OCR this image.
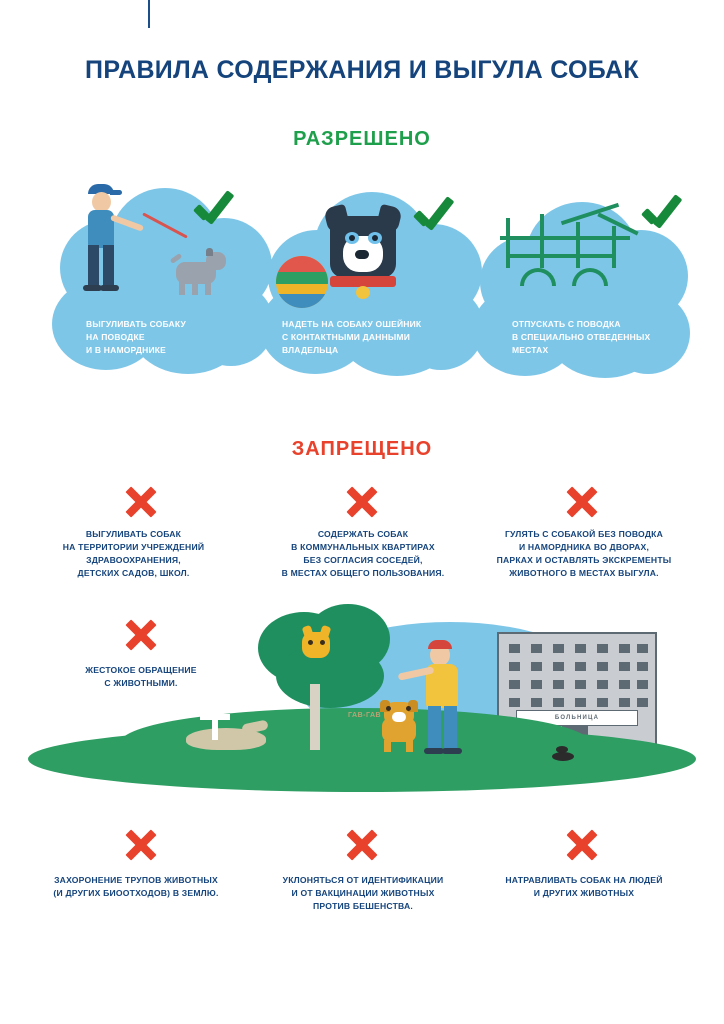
ПРАВИЛА СОДЕРЖАНИЯ И ВЫГУЛА СОБАК
РАЗРЕШЕНО
ВЫГУЛИВАТЬ СОБАКУ
НА ПОВОДКЕ
И В НАМОРДНИКЕ
НАДЕТЬ НА СОБАКУ ОШЕЙНИК
С КОНТАКТНЫМИ ДАННЫМИ
ВЛАДЕЛЬЦА
ОТПУСКАТЬ С ПОВОДКА
В СПЕЦИАЛЬНО ОТВЕДЕННЫХ
МЕСТАХ
ЗАПРЕЩЕНО
ВЫГУЛИВАТЬ СОБАК
НА ТЕРРИТОРИИ УЧРЕЖДЕНИЙ
ЗДРАВООХРАНЕНИЯ,
ДЕТСКИХ САДОВ, ШКОЛ.
СОДЕРЖАТЬ СОБАК
В КОММУНАЛЬНЫХ КВАРТИРАХ
БЕЗ СОГЛАСИЯ СОСЕДЕЙ,
В МЕСТАХ ОБЩЕГО ПОЛЬЗОВАНИЯ.
ГУЛЯТЬ С СОБАКОЙ БЕЗ ПОВОДКА
И НАМОРДНИКА ВО ДВОРАХ,
ПАРКАХ И ОСТАВЛЯТЬ ЭКСКРЕМЕНТЫ
ЖИВОТНОГО В МЕСТАХ ВЫГУЛА.
ЖЕСТОКОЕ ОБРАЩЕНИЕ
С ЖИВОТНЫМИ.
БОЛЬНИЦА
ГАВ-ГАВ
ЗАХОРОНЕНИЕ ТРУПОВ ЖИВОТНЫХ
(И ДРУГИХ БИООТХОДОВ) В ЗЕМЛЮ.
УКЛОНЯТЬСЯ ОТ ИДЕНТИФИКАЦИИ
И ОТ ВАКЦИНАЦИИ ЖИВОТНЫХ
ПРОТИВ БЕШЕНСТВА.
НАТРАВЛИВАТЬ СОБАК НА ЛЮДЕЙ
И ДРУГИХ ЖИВОТНЫХ
